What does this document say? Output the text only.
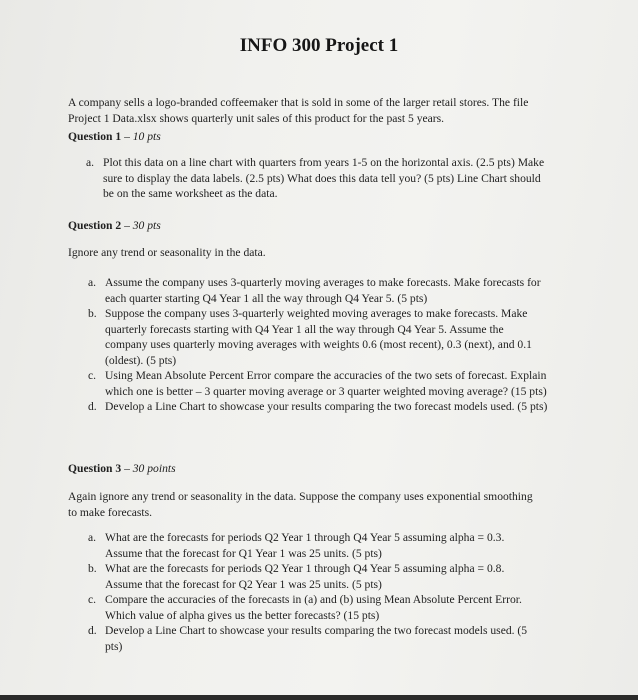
INFO 300 Project 1
A company sells a logo-branded coffeemaker that is sold in some of the larger retail stores. The file Project 1 Data.xlsx shows quarterly unit sales of this product for the past 5 years.
Question 1 – 10 pts
a. Plot this data on a line chart with quarters from years 1-5 on the horizontal axis. (2.5 pts) Make sure to display the data labels. (2.5 pts) What does this data tell you? (5 pts) Line Chart should be on the same worksheet as the data.
Question 2 – 30 pts
Ignore any trend or seasonality in the data.
a. Assume the company uses 3-quarterly moving averages to make forecasts. Make forecasts for each quarter starting Q4 Year 1 all the way through Q4 Year 5. (5 pts)
b. Suppose the company uses 3-quarterly weighted moving averages to make forecasts. Make quarterly forecasts starting with Q4 Year 1 all the way through Q4 Year 5. Assume the company uses quarterly moving averages with weights 0.6 (most recent), 0.3 (next), and 0.1 (oldest). (5 pts)
c. Using Mean Absolute Percent Error compare the accuracies of the two sets of forecast. Explain which one is better – 3 quarter moving average or 3 quarter weighted moving average? (15 pts)
d. Develop a Line Chart to showcase your results comparing the two forecast models used. (5 pts)
Question 3 – 30 points
Again ignore any trend or seasonality in the data. Suppose the company uses exponential smoothing to make forecasts.
a. What are the forecasts for periods Q2 Year 1 through Q4 Year 5 assuming alpha = 0.3. Assume that the forecast for Q1 Year 1 was 25 units. (5 pts)
b. What are the forecasts for periods Q2 Year 1 through Q4 Year 5 assuming alpha = 0.8. Assume that the forecast for Q2 Year 1 was 25 units. (5 pts)
c. Compare the accuracies of the forecasts in (a) and (b) using Mean Absolute Percent Error. Which value of alpha gives us the better forecasts? (15 pts)
d. Develop a Line Chart to showcase your results comparing the two forecast models used. (5 pts)
